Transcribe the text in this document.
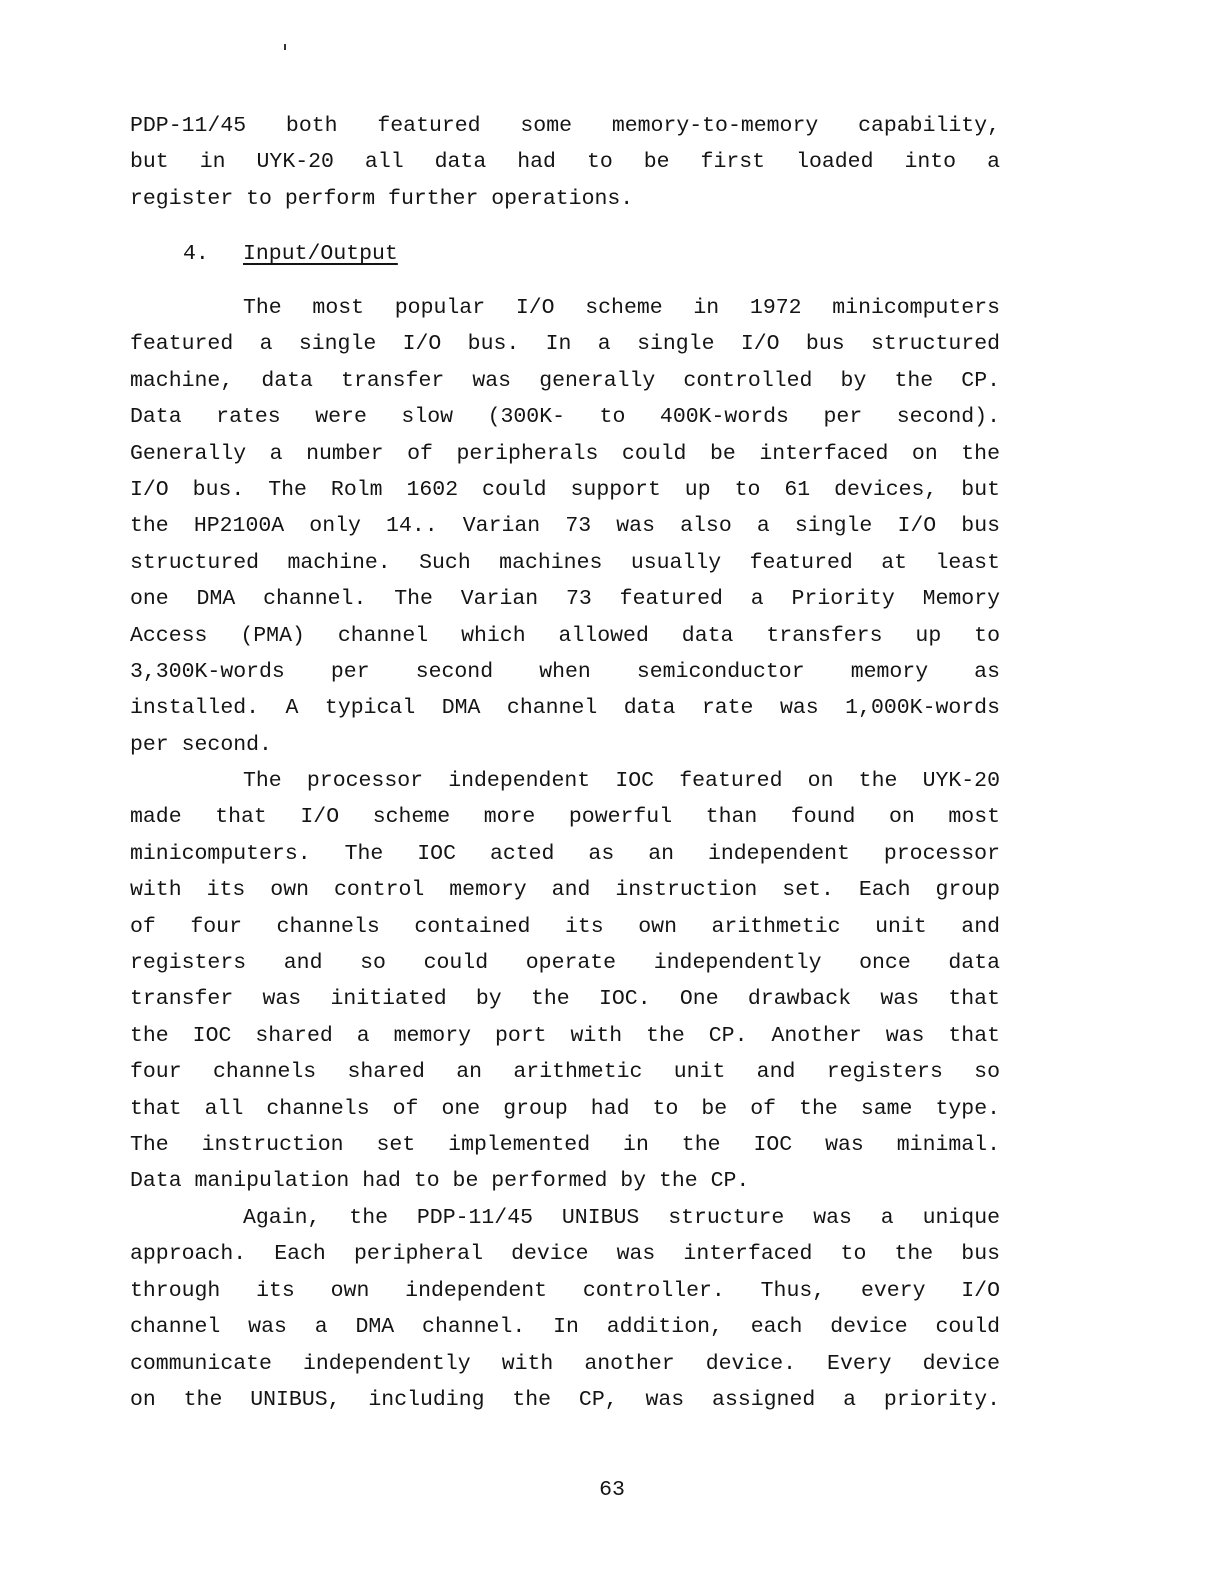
PDP-11/45 both featured some memory-to-memory capability,
but in UYK-20 all data had to be first loaded into a
register to perform further operations.
4. Input/Output
The most popular I/O scheme in 1972 minicomputers
featured a single I/O bus. In a single I/O bus structured
machine, data transfer was generally controlled by the CP.
Data rates were slow (300K- to 400K-words per second).
Generally a number of peripherals could be interfaced on the
I/O bus. The Rolm 1602 could support up to 61 devices, but
the HP2100A only 14.. Varian 73 was also a single I/O bus
structured machine. Such machines usually featured at least
one DMA channel. The Varian 73 featured a Priority Memory
Access (PMA) channel which allowed data transfers up to
3,300K-words per second when semiconductor memory as
installed. A typical DMA channel data rate was 1,000K-words
per second.
The processor independent IOC featured on the UYK-20
made that I/O scheme more powerful than found on most
minicomputers. The IOC acted as an independent processor
with its own control memory and instruction set. Each group
of four channels contained its own arithmetic unit and
registers and so could operate independently once data
transfer was initiated by the IOC. One drawback was that
the IOC shared a memory port with the CP. Another was that
four channels shared an arithmetic unit and registers so
that all channels of one group had to be of the same type.
The instruction set implemented in the IOC was minimal.
Data manipulation had to be performed by the CP.
Again, the PDP-11/45 UNIBUS structure was a unique
approach. Each peripheral device was interfaced to the bus
through its own independent controller. Thus, every I/O
channel was a DMA channel. In addition, each device could
communicate independently with another device. Every device
on the UNIBUS, including the CP, was assigned a priority.
63
